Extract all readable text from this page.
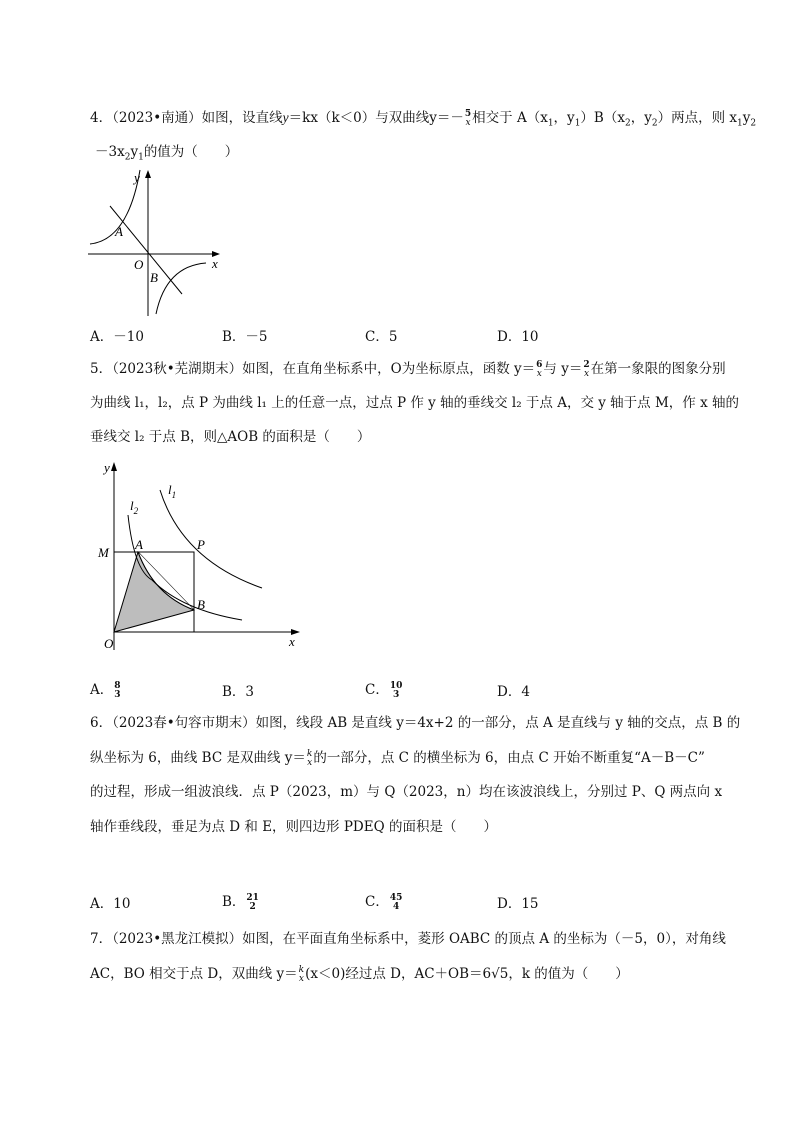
4．（2023•南通）如图，设直线y＝kx（k＜0）与双曲线y＝－ 5
x 相交于 $A(x_1$，$y_1)B(x_2$，$y_2$）两点，则 $x_1y_2$
$-3x_2y_1$的值为（　　）
y
x
O
A
B
A．－10	B．－5	C．5	D．10
5．（2023秋•芜湖期末）如图，在直角坐标系中，O为坐标原点，函数 y＝ 6
x 与 y＝ 2
x 在第一象限的图象分别
为曲线 l₁，l₂，点 P 为曲线 l₁ 上的任意一点，过点 P 作 y 轴的垂线交 l₂ 于点 A，交 y 轴于点 M，作 x 轴的
垂线交 l₂ 于点 B，则△AOB 的面积是（　　）
y
x
O
M
A	P
B
$l_1$
$l_2$
A． 8
3	B．3	C． 10
3	D．4
6．（2023春•句容市期末）如图，线段 AB 是直线 y＝4x+2 的一部分，点 A 是直线与 y 轴的交点，点 B 的
纵坐标为 6，曲线 BC 是双曲线 y＝ k
x 的一部分，点 C 的横坐标为 6，由点 C 开始不断重复“A－B－C”
的过程，形成一组波浪线．点 P（2023，m）与 Q（2023，n）均在该波浪线上，分别过 P、Q 两点向 x
轴作垂线段，垂足为点 D 和 E，则四边形 PDEQ 的面积是（　　）
A．10	B． 21
2	C． 45
4	D．15
7．（2023•黑龙江模拟）如图，在平面直角坐标系中，菱形 OABC 的顶点 A 的坐标为（－5，0），对角线
AC，BO 相交于点 D，双曲线 y＝ k
x (x＜0)经过点 D，AC＋OB＝6√5，k 的值为（　　）
